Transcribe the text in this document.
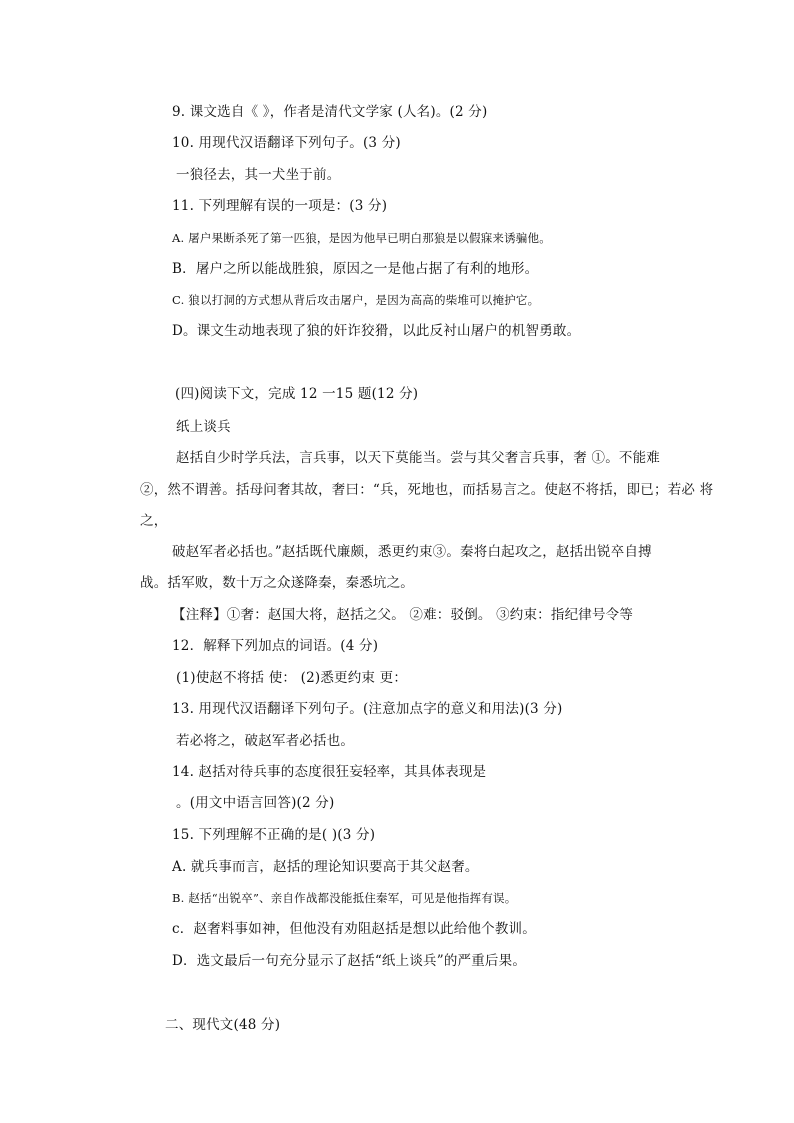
9. 课文选自《 》，作者是清代文学家 (人名)。(2 分)
10. 用现代汉语翻译下列句子。(3 分)
一狼径去，其一犬坐于前。
11. 下列理解有误的一项是：(3 分)
A. 屠户果断杀死了第一匹狼，是因为他早已明白那狼是以假寐来诱骗他。
B．屠户之所以能战胜狼，原因之一是他占据了有利的地形。
C. 狼以打洞的方式想从背后攻击屠户，是因为高高的柴堆可以掩护它。
D。课文生动地表现了狼的奸诈狡猾，以此反衬山屠户的机智勇敢。
(四)阅读下文，完成 12 一15 题(12 分)
纸上谈兵
赵括自少时学兵法，言兵事，以天下莫能当。尝与其父奢言兵事，奢 ①。不能难
②，然不谓善。括母问奢其故，奢曰：“兵，死地也，而括易言之。使赵不将括，即已；若必 将
之，
破赵军者必括也。”赵括既代廉颇，悉更约束③。秦将白起攻之，赵括出锐卒自搏
战。括军败，数十万之众遂降秦，秦悉坑之。
【注释】①奢：赵国大将，赵括之父。 ②难：驳倒。 ③约束：指纪律号令等
12．解释下列加点的词语。(4 分)
(1)使赵不将括 使： (2)悉更约束 更：
13. 用现代汉语翻译下列句子。(注意加点字的意义和用法)(3 分)
若必将之，破赵军者必括也。
14. 赵括对待兵事的态度很狂妄轻率，其具体表现是
。(用文中语言回答)(2 分)
15. 下列理解不正确的是( )(3 分)
A. 就兵事而言，赵括的理论知识要高于其父赵奢。
B. 赵括“出锐卒”、亲自作战都没能抵住秦军，可见是他指挥有误。
c．赵奢料事如神，但他没有劝阻赵括是想以此给他个教训。
D．选文最后一句充分显示了赵括“纸上谈兵”的严重后果。
二、现代文(48 分)
